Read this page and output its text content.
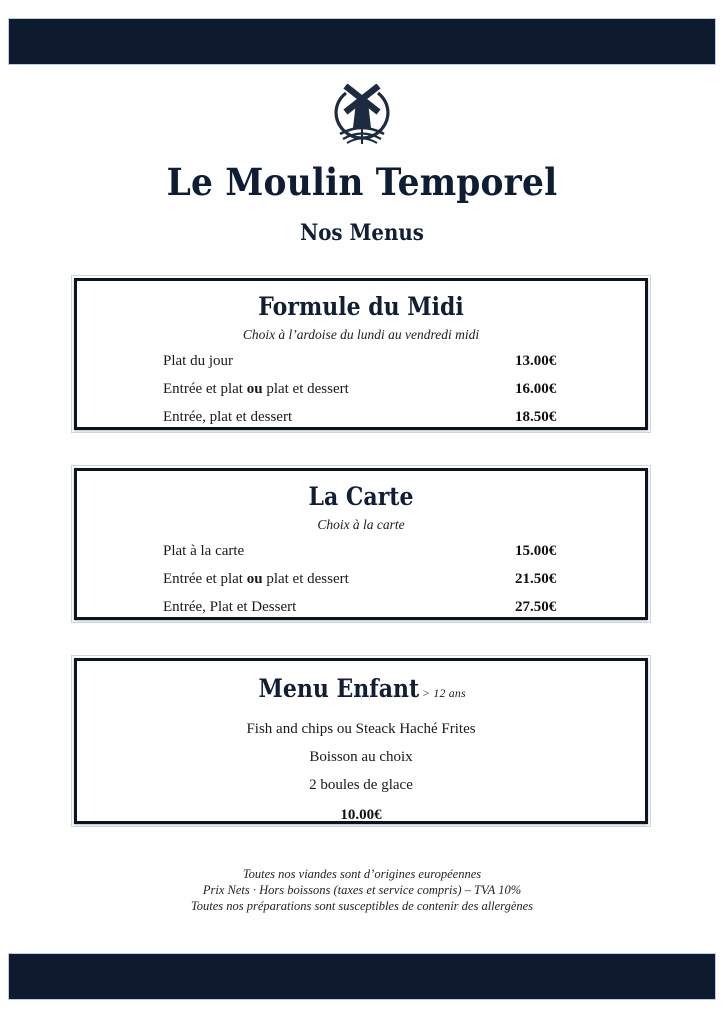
Le Moulin Temporel
Nos Menus
Formule du Midi
Choix à l’ardoise du lundi au vendredi midi
Plat du jour	13.00€
Entrée et plat ou plat et dessert	16.00€
Entrée, plat et dessert	18.50€
La Carte
Choix à la carte
Plat à la carte	15.00€
Entrée et plat ou plat et dessert	21.50€
Entrée, Plat et Dessert	27.50€
Menu Enfant > 12 ans
Fish and chips ou Steack Haché Frites
Boisson au choix
2 boules de glace
10.00€
Toutes nos viandes sont d’origines européennes
Prix Nets · Hors boissons (taxes et service compris) – TVA 10%
Toutes nos préparations sont susceptibles de contenir des allergènes
